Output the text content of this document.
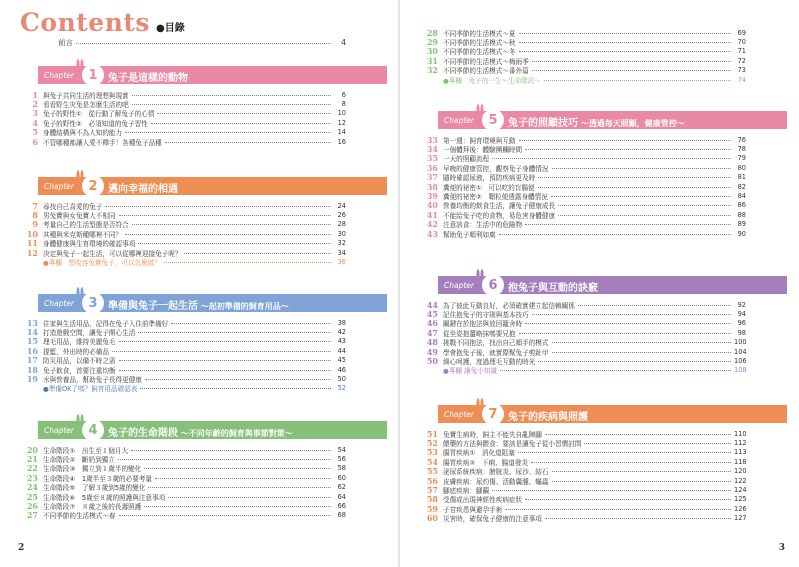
Contents ●目錄
前言	4
2
Chapter	1	兔子是這樣的動物
1 與兔子共同生活的理想與現實	6
2 看看野生灾兔是怎麼生活的吧	8
3 兔子的野性①　從行動了解兔子的心情	10
4 兔子的野性②　必須知道的兔子習性	12
5 身體結構與不為人知的能力	14
6 不管哪種都讓人愛不釋手！各種兔子品種	16
Chapter	2	邁向幸福的相遇
7 尋找自己喜愛的兔子	24
8 男兔寶與女兔寶大不相同	26
9 考量自己的生活型態是否符合	28
10 其種與米克斯種哪裡不同？	30
11 身體健康與生育環境的確認事項	32
12 決定與兔子一起生活，可以從哪裡迎接兔子呢？	34
●專欄　想收容兔寶兔子，可以怎麼做？	36
Chapter	3	準備與兔子一起生活 ～起初準備的飼育用品～
13 住家與生活用品，記得在兔子入住前準備好	38
14 打造遊戲空間，讓兔子開心生活	42
15 理毛用品，維持美麗兔毛	43
16 提籃，外出時的必備品	44
17 防災用品，以備不時之需	45
18 兔子飲食，首要注重均衡	46
19 水與營養品，幫助兔子長得更健康	50
●準備OK了嗎？飼育用品確認表	52
Chapter	4	兔子的生命階段 ～不同年齡的飼育與事節對策～
20 生命階段①　出生至１個月大	54
21 生命階段②　斷奶到獨立	56
22 生命階段③　獨立到１歲半的變化	58
23 生命階段④　1歲半至３歲的必要考量	60
24 生命階段⑤　了解３歲到5歲的變化	62
25 生命階段⑥　5歲至８歲的照護與注意事項	64
26 生命階段⑦　８歲之後的長壽照護	66
27 不同季節的生活模式～春	68
3
28 不同季節的生活模式～夏	69
29 不同季節的生活模式～秋	70
30 不同季節的生活模式～冬	71
31 不同季節的生活模式～梅雨季	72
32 不同季節的生活模式～番外篇	73
●專欄　兔子的一生～生命階段～	74
Chapter	5	兔子的照顧技巧 ～透過每天照顧，健康管控～
33 第一週：飼育環境與互動	76
34 一個體拜後：體驗團欄時間	78
35 一天的照顧流程	79
36 早晚的健康管控，觀察兔子身體情況	80
37 隨時確認尿液，預防疾病更及時	81
38 糞便的祕密①　可以吃的盲腸便	82
39 糞便的祕密②　顆粒便透露身體情況	84
40 營養均衡的飲食生活，讓兔子健康成長	86
41 不能給兔子吃的食物，易危害身體健康	88
42 注意該食：生活中的危險物	89
43 幫助兔子順利如廁	90
Chapter	6	抱兔子與互動的訣竅
44 為了彼此互動良好，必須確實建立起信賴關係	92
45 記住抱兔子的守則與基本技巧	94
46 關鍵在於抱法與放回籠舍時	96
47 從坐姿抱薑略抹嗎要兄抱	98
48 挑戰不同抱法，找出自己順手的模式	100
49 學會抱兔子後，就實際幫兔子剪趾甲	104
50 細心呵護，度過理毛互動的時光	106
●專欄 讓兔小知識	108
Chapter	7	兔子的疾病與照護
51 兔寶生病時，飼主不能失自亂陣腳	110
52 餵藥的方法與餵食：要該是讓兔子從小習慣討問	112
53 腸胃疾病①　消化道阻塞	113
54 腸胃疾病②　下痢、腸道發炎	118
55 泌尿系統疾病：膀胱炎、尿沙、結石	120
56 皮膚疾病：尿灼傷、活動囊腫、蟎蟲	122
57 腳底疾病：腳繭	124
58 受傷或出現神經性疾病症狀	125
59 子宮疾患與避孕手術	126
60 災害時，確保兔子健康的注意事項	127
